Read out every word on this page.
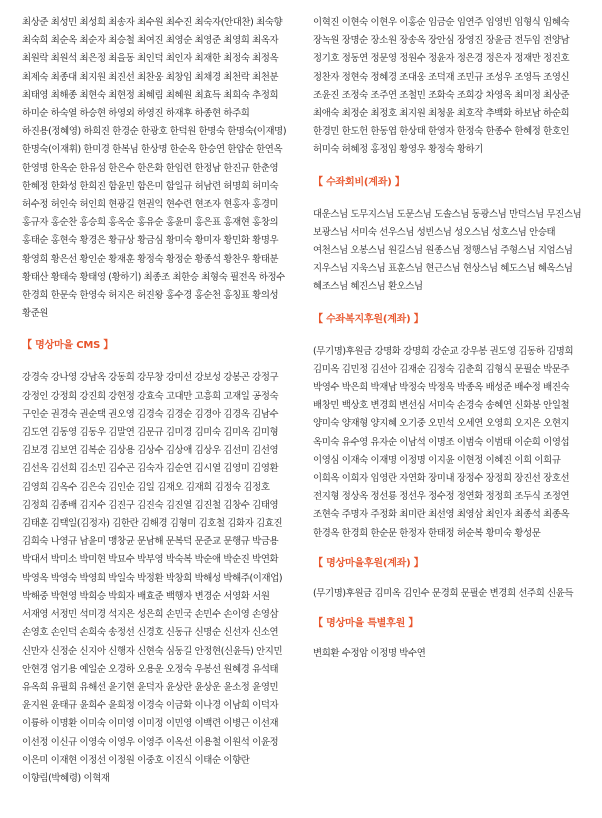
최상준 최성민 최성희 최송자 최수원 최수진 최숙자(안대찬) 최숙향 최숙희 최순옥 최순자 최승철 최여진 최영순 최영준 최영희 최옥자 최원락 최원석 최은정 최을동 최인덕 최인자 최재한 최정숙 최정옥 최제숙 최종대 최지원 최진선 최찬웅 최창임 최채경 최천락 최천분 최태영 최해종 최현숙 최현정 최혜림 최혜원 최효득 최희숙 추정희 하미순 하숙열 하승현 하영외 하영진 하재후 하종현 하주희 하진용(정혜영) 하희진 한경순 한광호 한덕원 한명숙 한명숙(이재명) 한명숙(이재휘) 한미경 한복님 한상명 한순옥 한승연 한얍순 한연옥 한영명 한옥순 한유섬 한은수 한은화 한임련 한정남 한진규 한춘영 한혜정 한화성 한희진 함윤민 함은미 함일규 허남련 허명희 허미숙 허수정 허인숙 허인희 현광길 현권익 현수련 현조자 현홍자 홍경미 홍규자 홍순찬 홍승희 홍옥순 홍유순 홍윤미 홍은표 홍재현 홍창의 홍태순 홍현숙 황경은 황규상 황금심 황미숙 황미자 황민화 황명우 황영희 황은선 황인순 황재훈 황정숙 황정순 황종석 황찬우 황태분 황태산 황태숙 황태영 (황하기) 최종조 최한승 최형숙 필전옥 하정수 한경희 한문숙 한영숙 허지은 허진왕 홍수경 홍순천 홍칭표 황의성 황준원

【 명상마을 CMS 】

강경숙 강나영 강남옥 강동희 강무창 강미선 강보성 강봉곤 강정구 강정인 강정희 강진희 강현정 강효숙 고대만 고흥희 고재일 공정숙 구인순 권경숙 권순택 권오영 김경숙 김경순 김경아 김경옥 김남수 김도연 김동영 김동우 김말연 김문규 김미경 김미숙 김미옥 김미형 김보경 김보연 김복순 김상용 김상수 김상애 김상우 김선미 김선영 김선옥 김선희 김소민 김수곤 김숙자 김순연 김시열 김영미 김영환 김영희 김옥수 김은숙 김인순 김일 김재오 김재희 김정숙 김정호 김정희 김종배 김지수 김진구 김진숙 김진열 김진철 김창수 김태영 김태훈 김택일(김정자) 김한란 김해경 김형미 김호철 김화자 김효진 김희숙 나영규 남윤미 맹창균 문남해 문복덕 문준교 문행규 박금용 박대서 박미소 박미현 박묘수 박부영 박숙복 박순애 박순진 박연화 박영옥 박영숙 박영희 박일숙 박정환 박창희 박해성 박해주(이재업) 박해중 박현영 박희승 박희자 배효준 백행자 변경순 서영화 서원 서재영 서정민 석미경 석지은 성은희 손민국 손민수 손이영 손영삼 손영호 손인덕 손희숙 송정선 신경호 신동규 신명순 신선자 신소연 신만자 신정순 신지아 신행자 신현숙 심동길 안정현(신윤득) 안지민 안현경 엄기용 예일순 오경하 오용운 오정숙 우봉선 원혜경 유석태 유옥희 유필희 유해선 윤기현 윤덕자 윤상란 윤상운 윤소정 윤영민 윤지원 윤태규 윤희수 윤희정 이경숙 이금화 이나경 이남희 이덕자 이륭하 이명환 이미숙 이미영 이미정 이민영 이백련 이병근 이선재 이선정 이신규 이영숙 이영우 이영주 이옥선 이용철 이원석 이윤정 이은미 이재현 이정선 이정원 이중호 이진식 이태순 이향란 이향림(박혜령) 이혁재

이혁진 이현숙 이현우 이홍순 임금순 임연주 임영빈 임형식 임혜숙 장녹원 장명순 장소원 장송옥 장안심 장영진 장윤금 전두임 전양남 정기호 정동연 정문영 정원수 정윤자 정은경 정은자 정재만 정진호 정찬자 정현숙 정혜경 조대웅 조덕재 조민규 조성우 조영득 조영신 조윤진 조정숙 조주연 조철민 조화숙 조희강 차영옥 최미정 최상준 최애숙 최정순 최정호 최지원 최청윤 최호작 추백화 하보남 하순희 한경민 한도헌 한동엽 한상태 한영자 한정숙 한종수 한혜정 한호인 허미숙 허혜정 홍정임 황영우 황정숙 황하기

【 수좌회비(계좌) 】

대운스님 도무지스님 도문스님 도솔스님 동광스님 만덕스님 무진스님 보광스님 서미숙 선우스님 성빈스님 성오스님 성호스님 안승태 여천스님 오봉스님 원길스님 원종스님 정행스님 주형스님 지엄스님 지우스님 지욱스님 표훈스님 현근스님 현상스님 혜도스님 혜옥스님 혜조스님 혜진스님 환오스님

【 수좌복지후원(계좌) 】

(무기명)후원금 강명화 강명희 강순교 강우봉 권도영 김동하 김명희 김미옥 김민정 김선아 김재순 김정숙 김춘희 김형식 문필순 박문주 박영수 박은희 박재남 박정숙 박정욱 박종옥 배성준 배수정 배진숙 배창민 백상호 변경희 변선심 서미숙 손경숙 송혜연 신화봉 안일철 양미숙 양재형 양지혜 오기중 오민석 오세연 오영희 오지은 오현지 옥미숙 유수영 유자순 이남석 이명조 이범숙 이범태 이순희 이영섭 이영심 이재숙 이재명 이정명 이지윤 이현정 이혜진 이희 이희규 이희옥 이희자 임영란 자연화 장미내 장정수 장정희 장진선 장호선 전지형 정상옥 정선룡 정선우 정수정 정연화 정정희 조두식 조정연 조현숙 주명자 주정화 최미란 최선영 최영삼 최인자 최종석 최종옥 한경옥 한경희 한순문 한정자 한태정 허순복 황미숙 황성문

【 명상마을후원(계좌) 】

(무기명)후원금 김미옥 김인수 문경희 문필순 변경희 선주희 신윤득

【 명상마을 특별후원 】

변희환 수정암 이정명 박수연
